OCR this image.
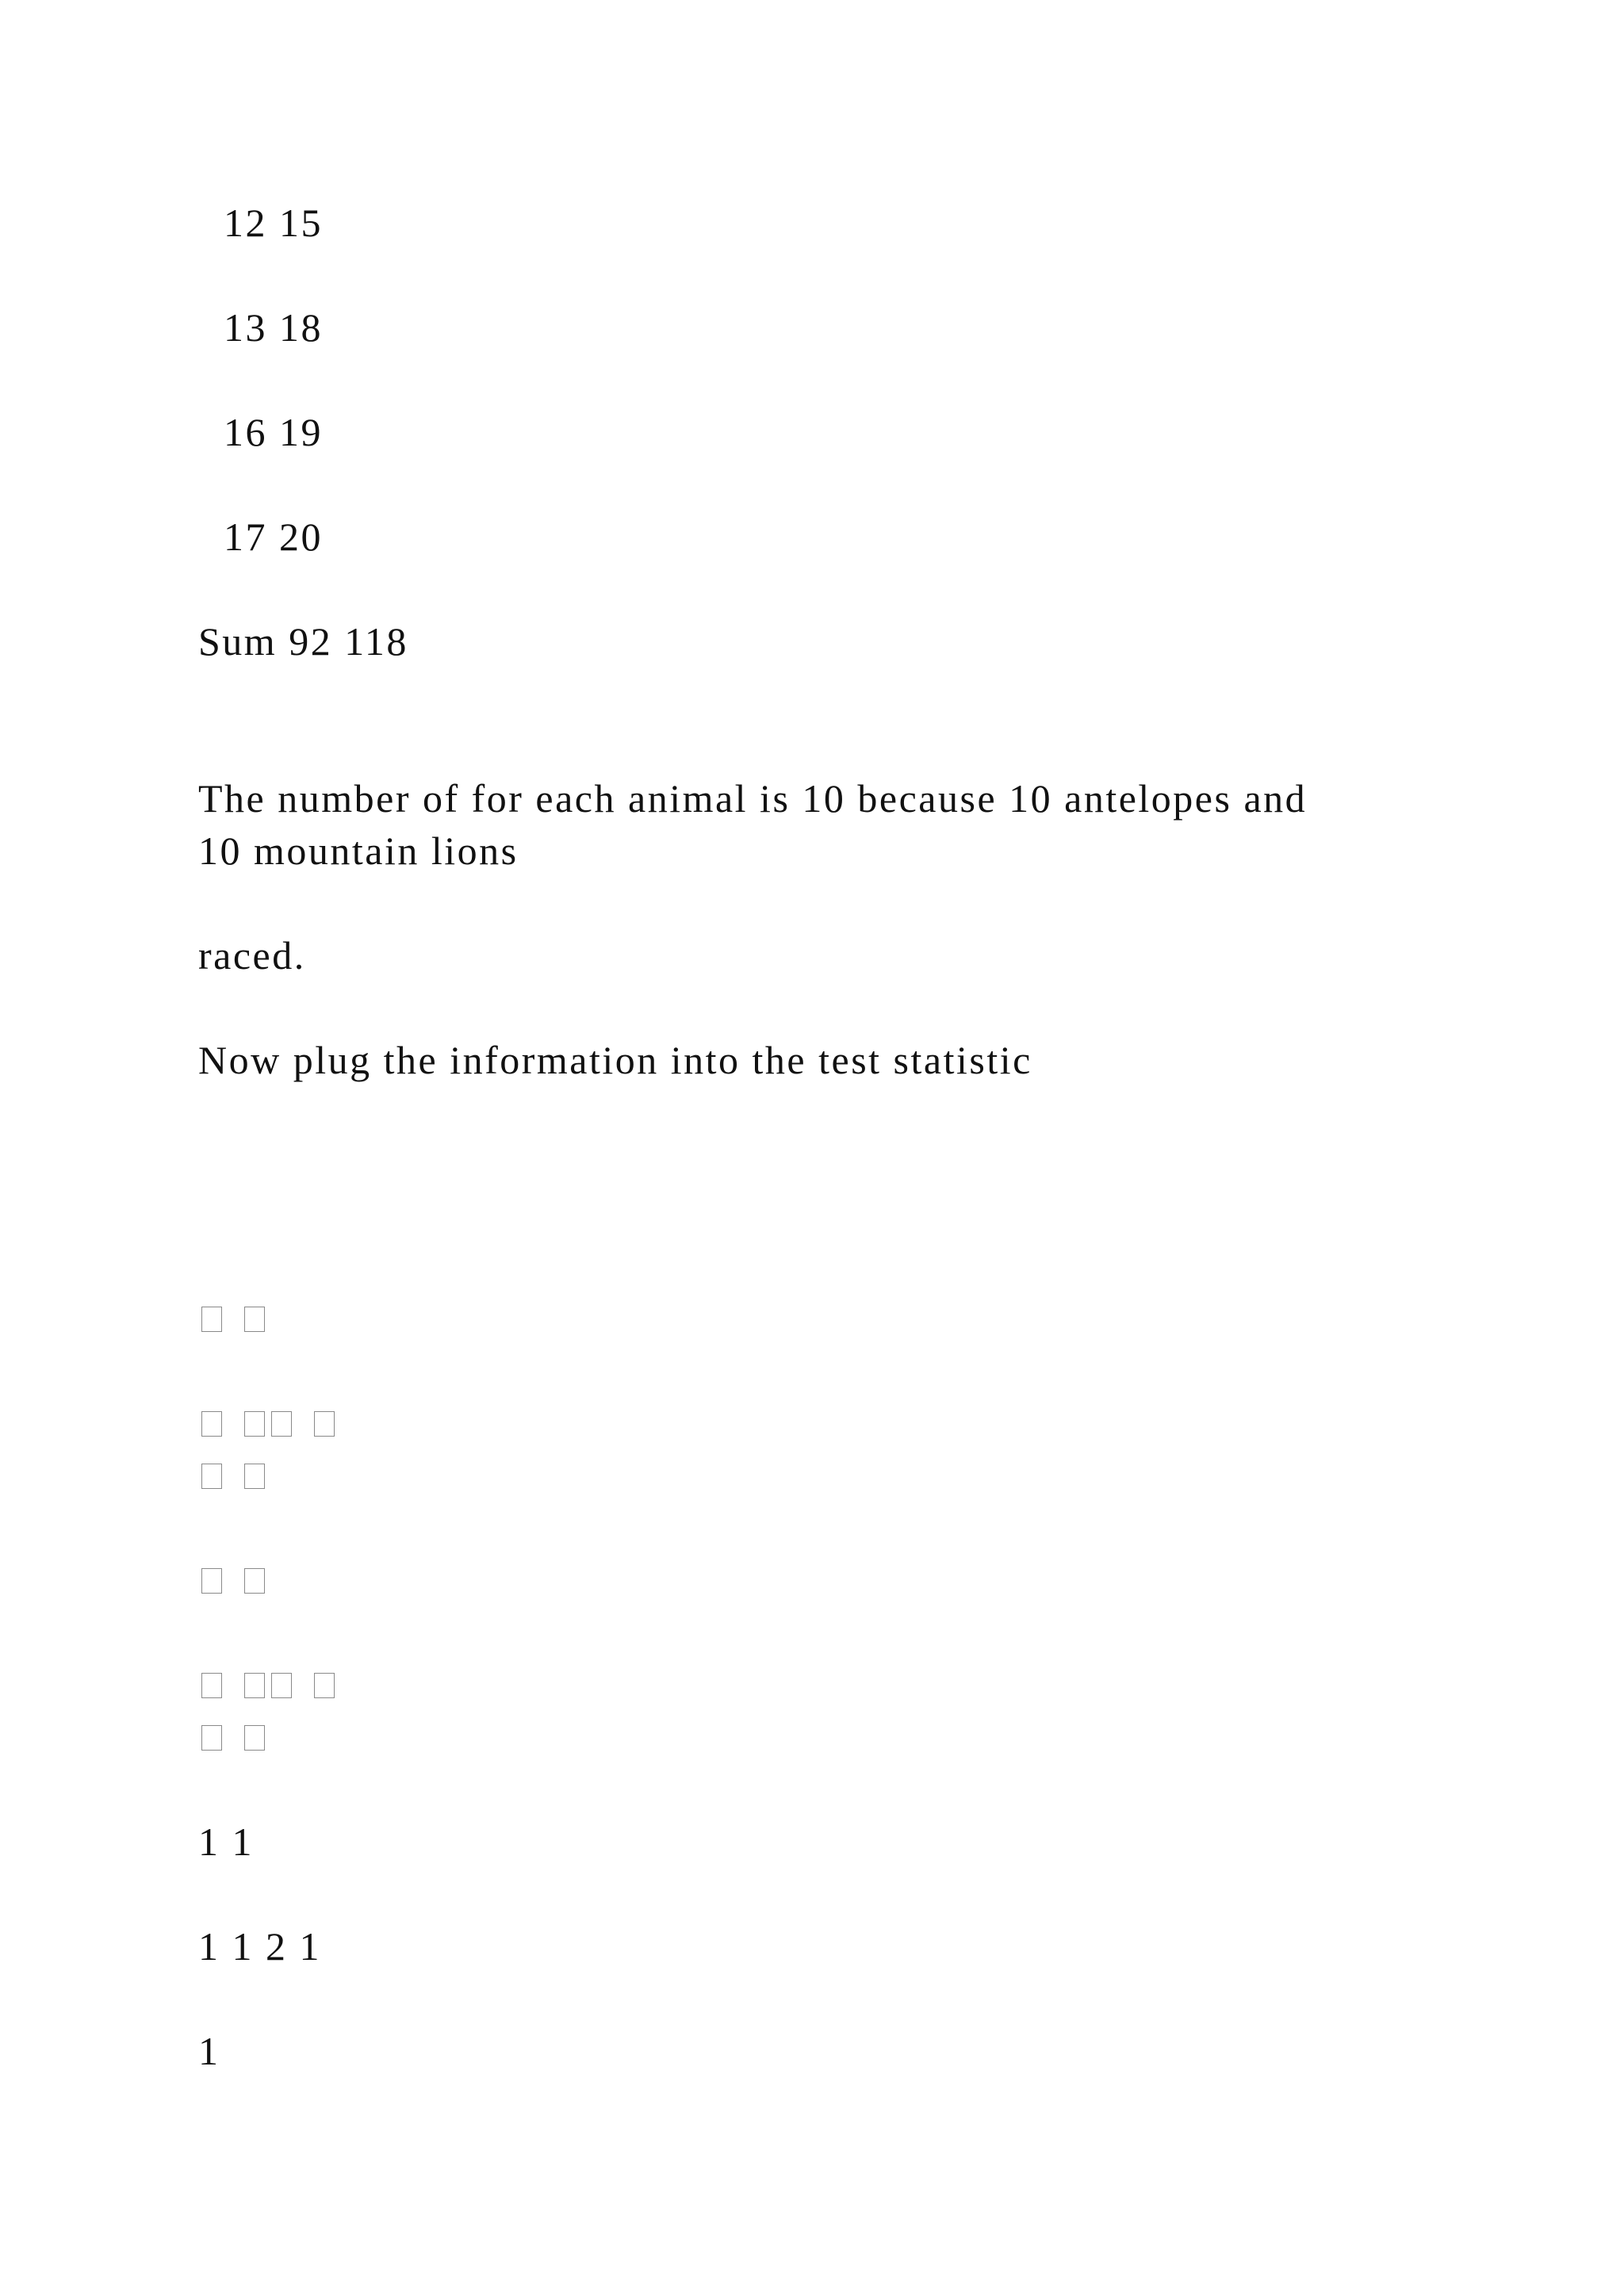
12 15
13 18
16 19
17 20
Sum 92 118
The number of for each animal is 10 because 10 antelopes and
10 mountain lions
raced.
Now plug the information into the test statistic
1 1
1 1 2 1
1
